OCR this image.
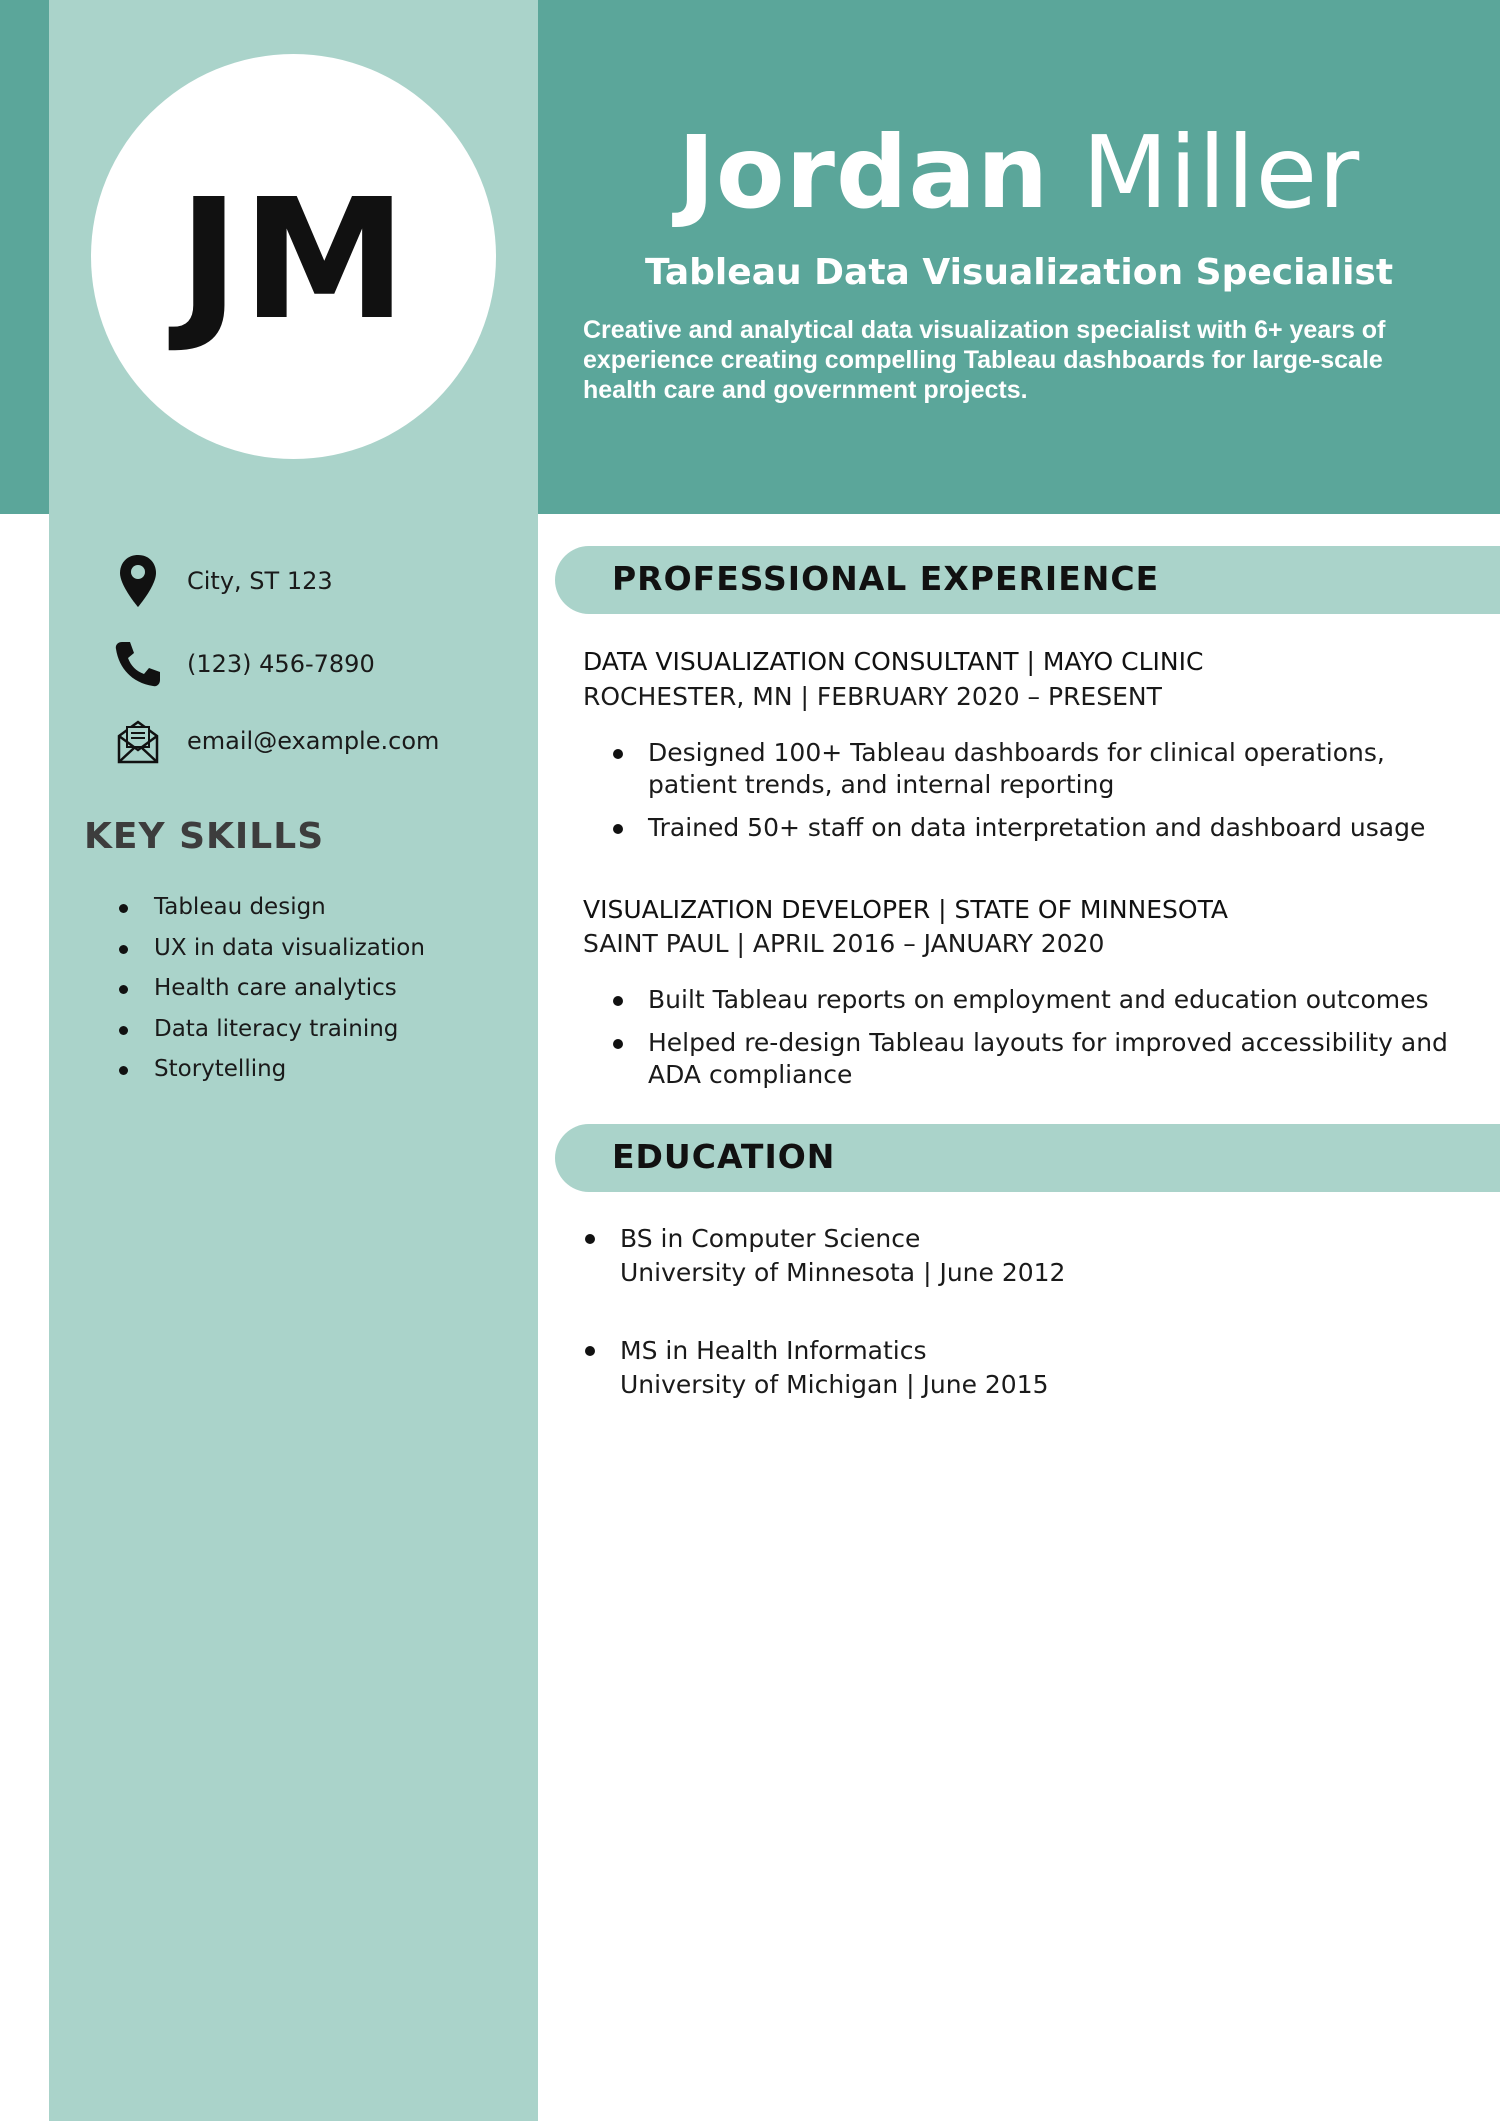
JM	Jordan Miller
Tableau Data Visualization Specialist
Creative and analytical data visualization specialist with 6+ years of experience creating compelling Tableau dashboards for large-scale health care and government projects.
City, ST 123
(123) 456-7890
email@example.com
KEY SKILLS
Tableau design
UX in data visualization
Health care analytics
Data literacy training
Storytelling
PROFESSIONAL EXPERIENCE
DATA VISUALIZATION CONSULTANT | MAYO CLINIC
ROCHESTER, MN | FEBRUARY 2020 – PRESENT
Designed 100+ Tableau dashboards for clinical operations, patient trends, and internal reporting
Trained 50+ staff on data interpretation and dashboard usage
VISUALIZATION DEVELOPER | STATE OF MINNESOTA
SAINT PAUL | APRIL 2016 – JANUARY 2020
Built Tableau reports on employment and education outcomes
Helped re-design Tableau layouts for improved accessibility and ADA compliance
EDUCATION
BS in Computer Science
University of Minnesota | June 2012
MS in Health Informatics
University of Michigan | June 2015
